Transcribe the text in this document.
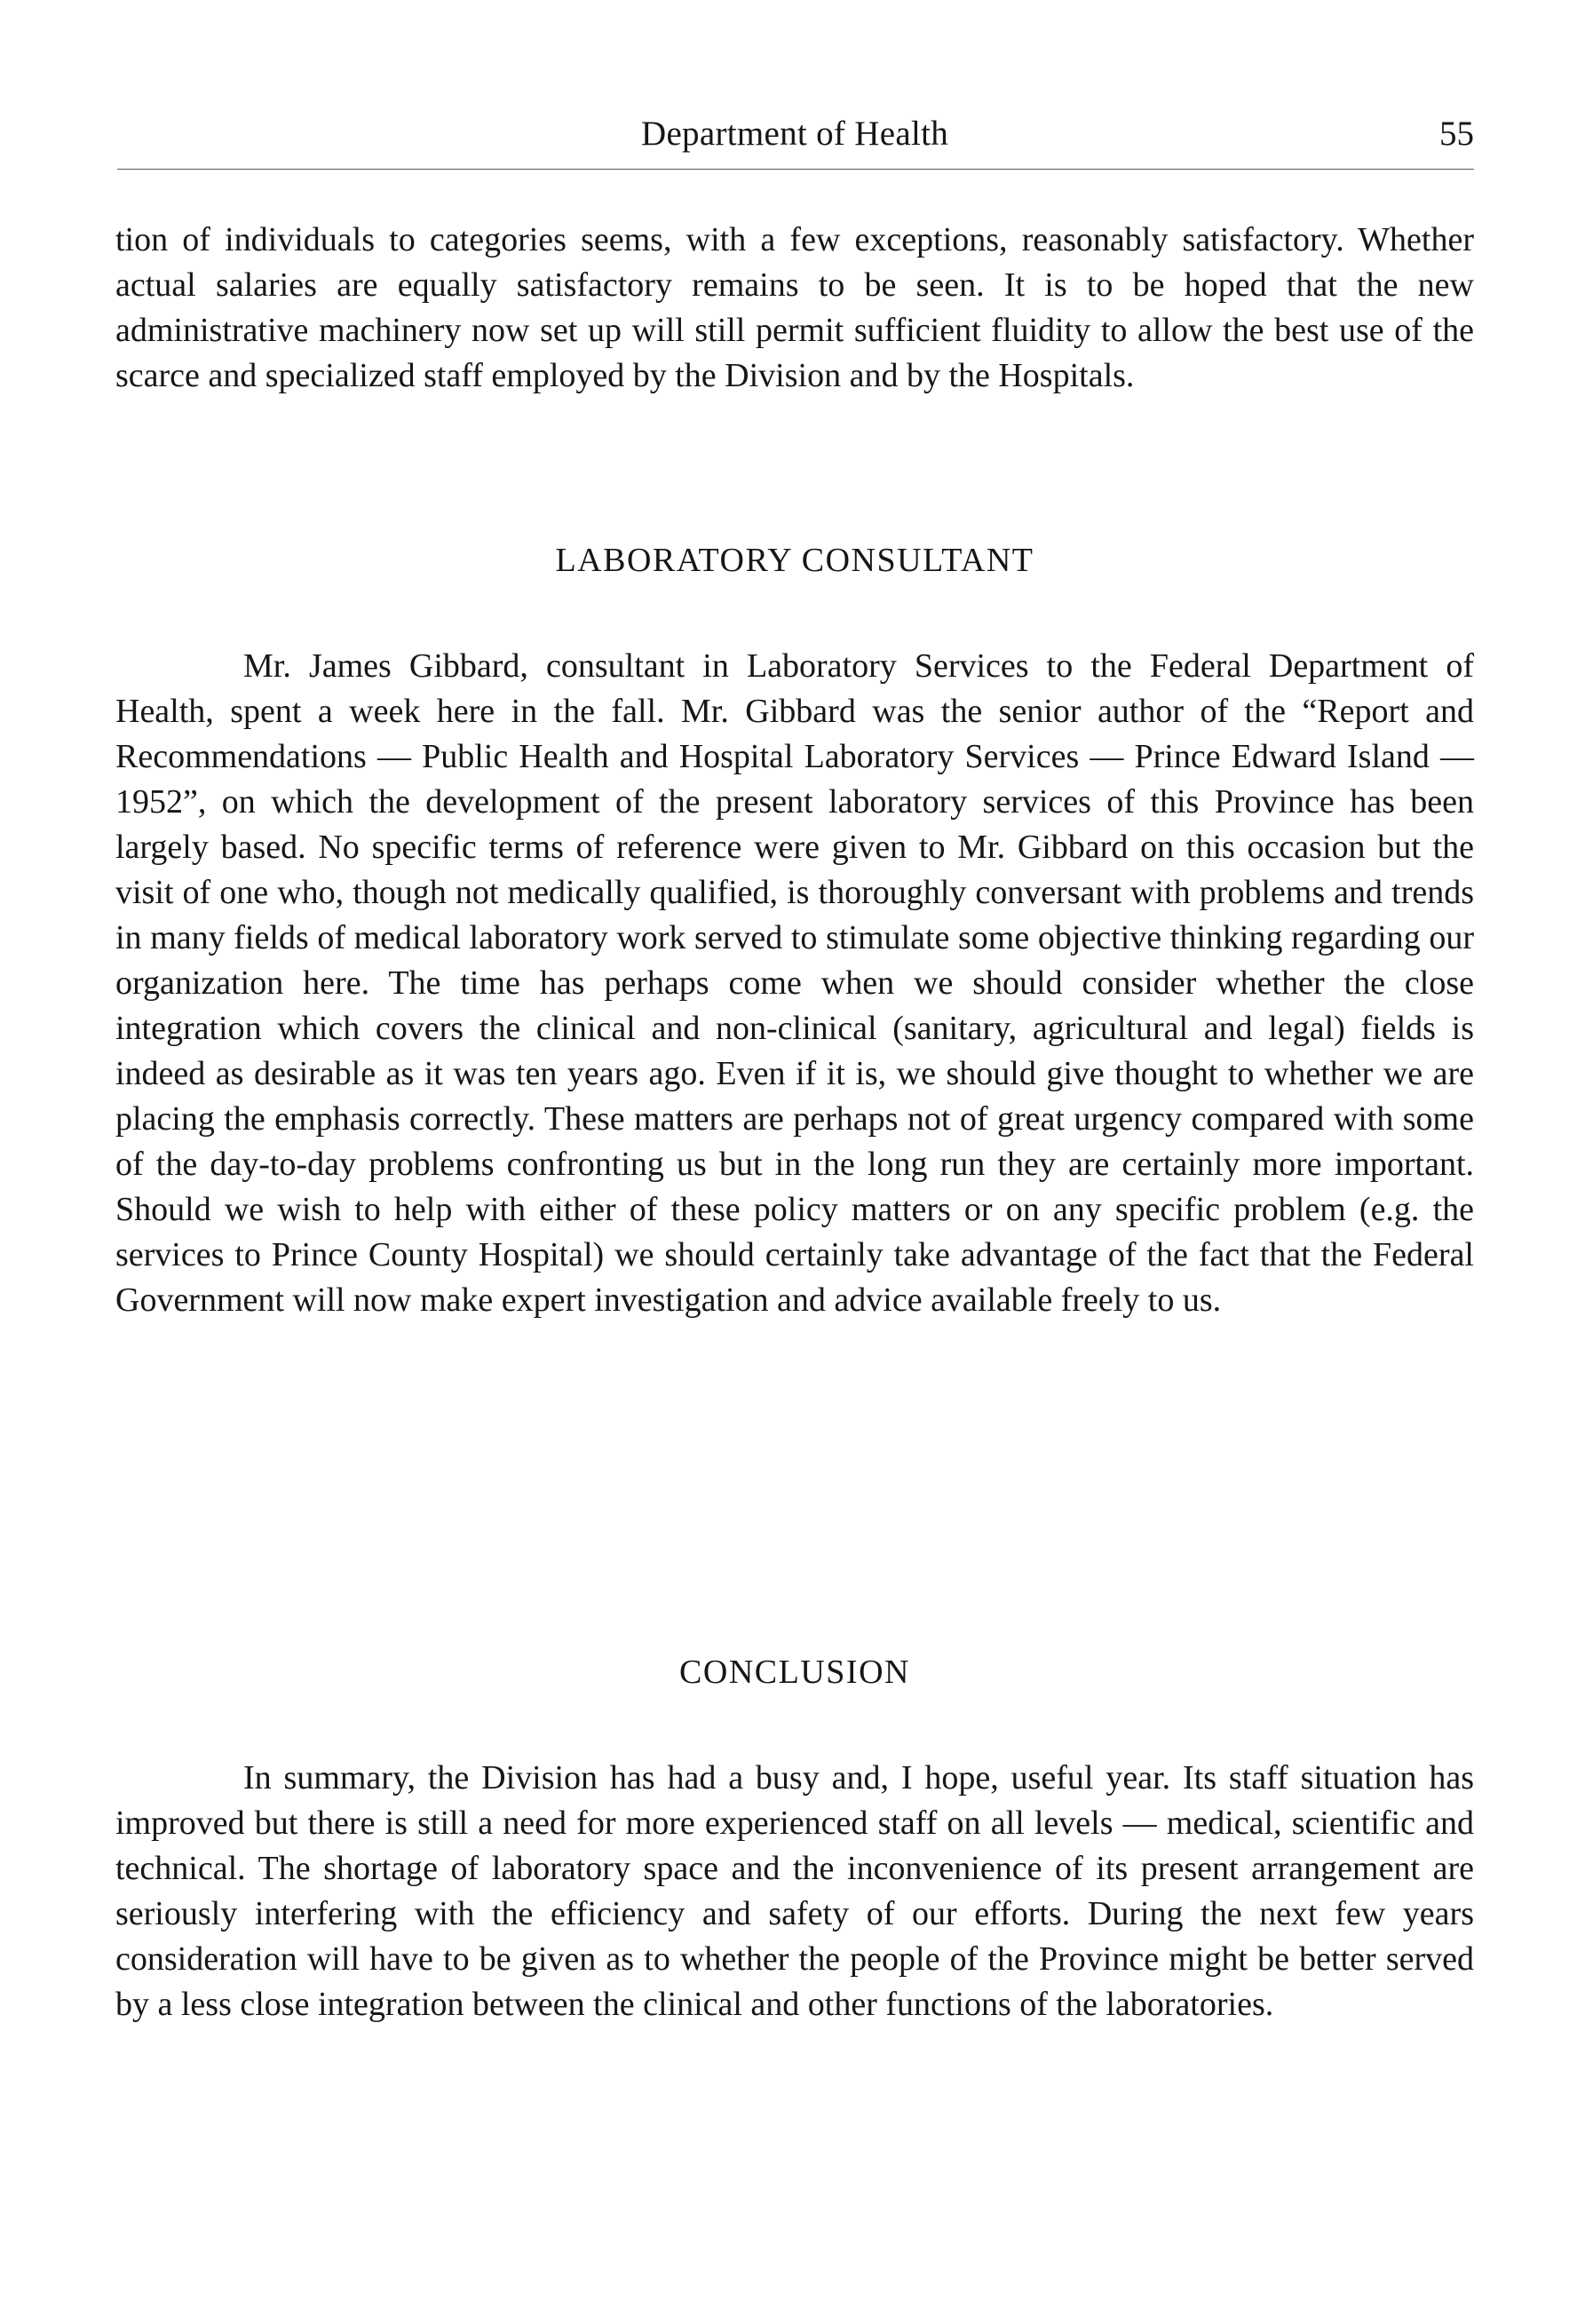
Department of Health	55

tion of individuals to categories seems, with a few exceptions, reasonably satisfactory. Whether actual salaries are equally satisfactory remains to be seen. It is to be hoped that the new administrative machinery now set up will still permit sufficient fluidity to allow the best use of the scarce and specialized staff employed by the Division and by the Hospitals.

LABORATORY CONSULTANT

Mr. James Gibbard, consultant in Laboratory Services to the Federal Department of Health, spent a week here in the fall. Mr. Gibbard was the senior author of the “Report and Recommendations — Public Health and Hospital Laboratory Services — Prince Edward Island — 1952”, on which the development of the present laboratory services of this Province has been largely based. No specific terms of reference were given to Mr. Gibbard on this occasion but the visit of one who, though not medically qualified, is thoroughly conversant with problems and trends in many fields of medical laboratory work served to stimulate some objective thinking regarding our organization here. The time has perhaps come when we should consider whether the close integration which covers the clinical and non-clinical (sanitary, agricultural and legal) fields is indeed as desirable as it was ten years ago. Even if it is, we should give thought to whether we are placing the emphasis correctly. These matters are perhaps not of great urgency compared with some of the day-to-day problems confronting us but in the long run they are certainly more important. Should we wish to help with either of these policy matters or on any specific problem (e.g. the services to Prince County Hospital) we should certainly take advantage of the fact that the Federal Government will now make expert investigation and advice available freely to us.

CONCLUSION

In summary, the Division has had a busy and, I hope, useful year. Its staff situation has improved but there is still a need for more experienced staff on all levels — medical, scientific and technical. The shortage of laboratory space and the inconvenience of its present arrangement are seriously interfering with the efficiency and safety of our efforts. During the next few years consideration will have to be given as to whether the people of the Province might be better served by a less close integration between the clinical and other functions of the laboratories.
